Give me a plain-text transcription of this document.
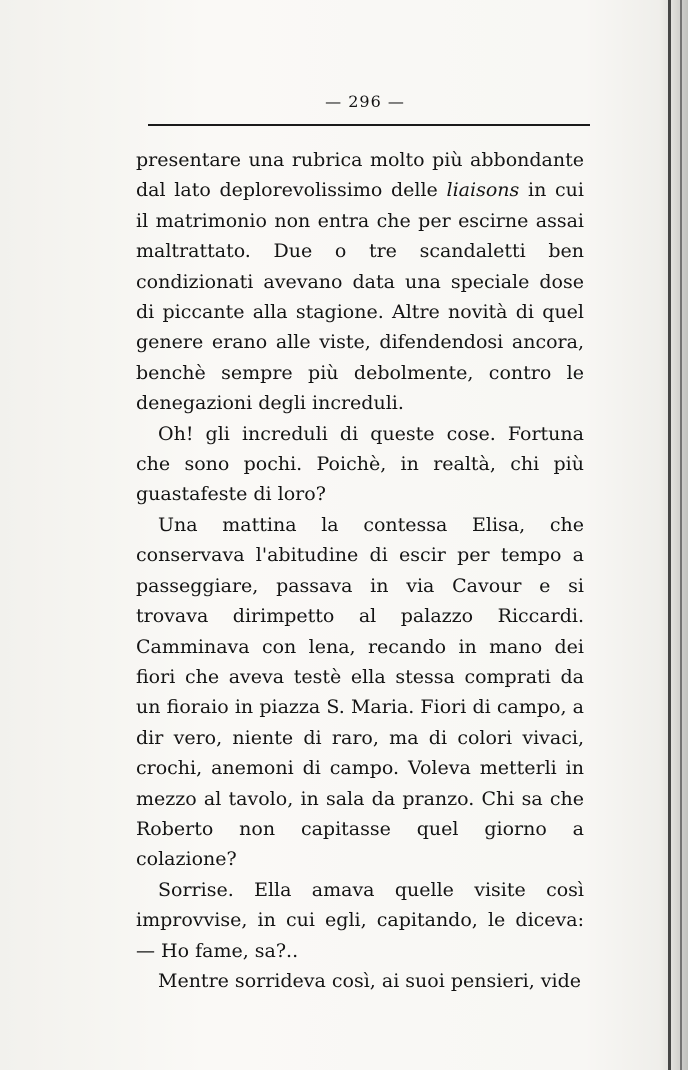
— 296 —

presentare una rubrica molto più abbondante dal lato deplorevolissimo delle liaisons in cui il matrimonio non entra che per escirne assai maltrattato. Due o tre scandaletti ben condizionati avevano data una speciale dose di piccante alla stagione. Altre novità di quel genere erano alle viste, difendendosi ancora, benchè sempre più debolmente, contro le denegazioni degli increduli.

Oh! gli increduli di queste cose. Fortuna che sono pochi. Poichè, in realtà, chi più guastafeste di loro?

Una mattina la contessa Elisa, che conservava l'abitudine di escir per tempo a passeggiare, passava in via Cavour e si trovava dirimpetto al palazzo Riccardi. Camminava con lena, recando in mano dei fiori che aveva testè ella stessa comprati da un fioraio in piazza S. Maria. Fiori di campo, a dir vero, niente di raro, ma di colori vivaci, crochi, anemoni di campo. Voleva metterli in mezzo al tavolo, in sala da pranzo. Chi sa che Roberto non capitasse quel giorno a colazione?

Sorrise. Ella amava quelle visite così improvvise, in cui egli, capitando, le diceva: — Ho fame, sa?..

Mentre sorrideva così, ai suoi pensieri, vide
